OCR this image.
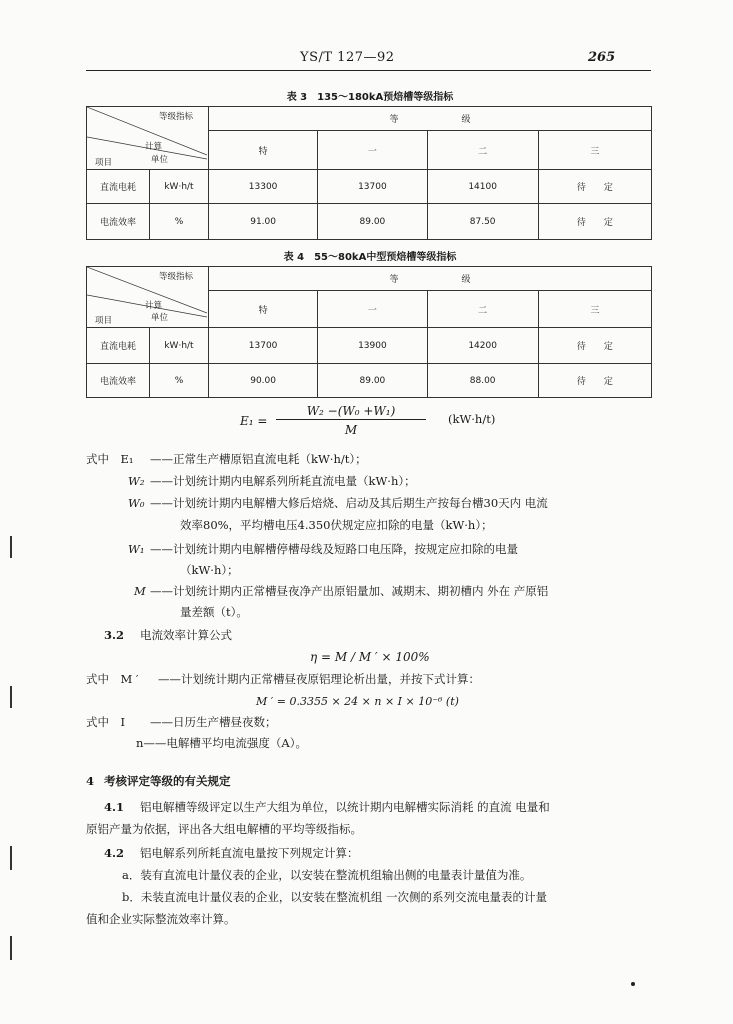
YS/T 127—92	265
表 3　135～180kA预焙槽等级指标
等级指标
计算
单位
项目		等　　　　　　　级			
		特	一	二	三
直流电耗	kW·h/t	13300	13700	14100	待　　定
电流效率	%	91.00	89.00	87.50	待　　定
表 4　55～80kA中型预焙槽等级指标
等级指标
计算
单位
项目		等　　　　　　　级			
		特	一	二	三
直流电耗	kW·h/t	13700	13900	14200	待　　定
电流效率	%	90.00	89.00	88.00	待　　定
E₁ =
W₂ −(W₀ +W₁)
M
(kW·h/t)
式中　E₁ ——正常生产槽原铝直流电耗（kW·h/t）；
W₂ ——计划统计期内电解系列所耗直流电量（kW·h）；
W₀ ——计划统计期内电解槽大修后焙烧、启动及其后期生产按每台槽30天内 电流
效率80%，平均槽电压4.350伏规定应扣除的电量（kW·h）；
W₁ ——计划统计期内电解槽停槽母线及短路口电压降，按规定应扣除的电量
（kW·h）；
M ——计划统计期内正常槽昼夜净产出原铝量加、减期末、期初槽内 外在 产原铝
量差额（t）。
3.2 电流效率计算公式
η = M / M ′ × 100%
式中　M ′ ——计划统计期内正常槽昼夜原铝理论析出量，并按下式计算：
M ′ = 0.3355 × 24 × n × I × 10⁻⁶ (t)
式中　I ——日历生产槽昼夜数；
n——电解槽平均电流强度（A）。
4 考核评定等级的有关规定
4.1 铝电解槽等级评定以生产大组为单位，以统计期内电解槽实际消耗 的直流 电量和
原铝产量为依据，评出各大组电解槽的平均等级指标。
4.2 铝电解系列所耗直流电量按下列规定计算：
a．装有直流电计量仪表的企业，以安装在整流机组输出侧的电量表计量值为准。
b．未装直流电计量仪表的企业，以安装在整流机组 一次侧的系列交流电量表的计量
值和企业实际整流效率计算。
